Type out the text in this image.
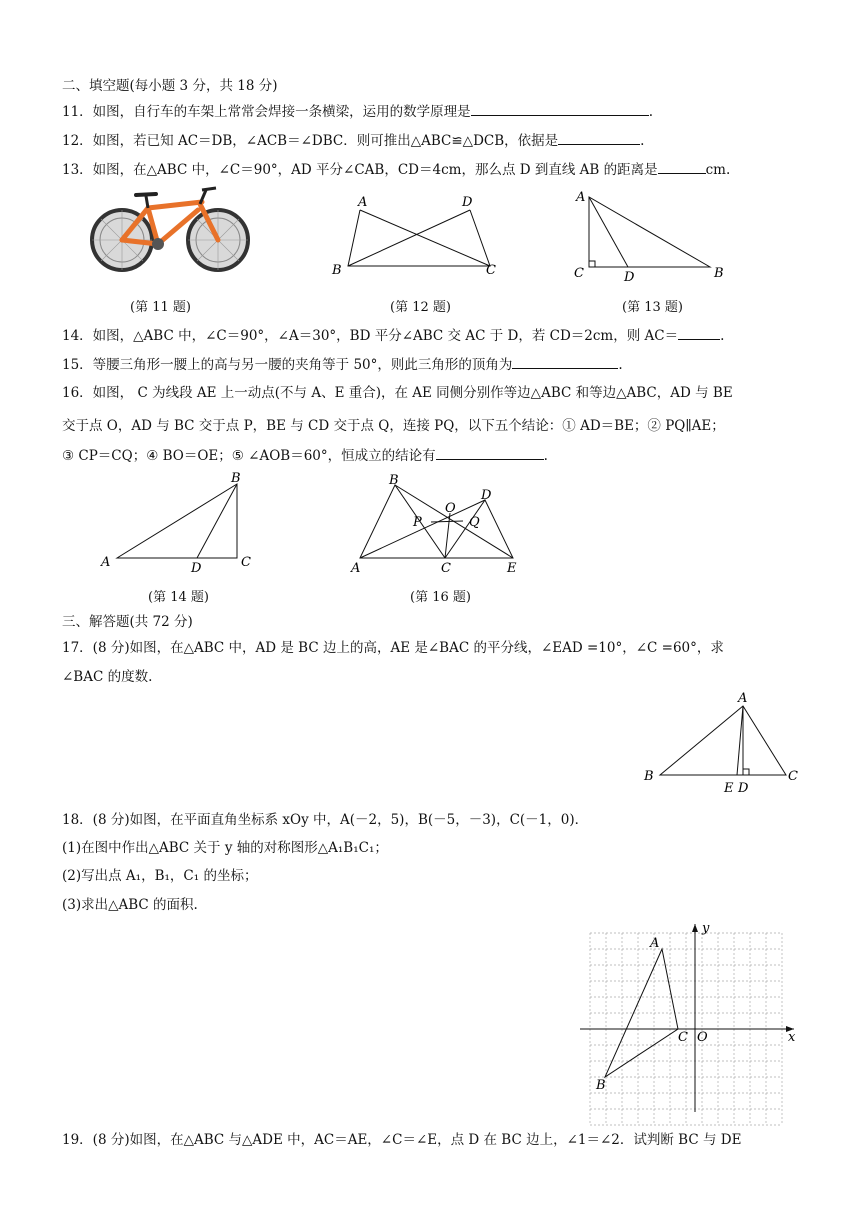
二、填空题(每小题 3 分，共 18 分)
11．如图，自行车的车架上常常会焊接一条横梁，运用的数学原理是	.
12．如图，若已知 AC＝DB，∠ACB＝∠DBC．则可推出△ABC≌△DCB，依据是	.
13．如图，在△ABC 中，∠C＝90°，AD 平分∠CAB，CD＝4cm，那么点 D 到直线 AB 的距离是	cm.
A	D
B	C
A
C	D	B
(第 11 题)	(第 12 题)	(第 13 题)
14．如图，△ABC 中，∠C＝90°，∠A＝30°，BD 平分∠ABC 交 AC 于 D，若 CD＝2cm，则 AC＝	.
15．等腰三角形一腰上的高与另一腰的夹角等于 50°，则此三角形的顶角为	.
16．如图， C 为线段 AE 上一动点(不与 A、E 重合)，在 AE 同侧分别作等边△ABC 和等边△ABC，AD 与 BE
交于点 O，AD 与 BC 交于点 P，BE 与 CD 交于点 Q，连接 PQ，以下五个结论：① AD＝BE；② PQ∥AE；
③ CP＝CQ；④ BO＝OE；⑤ ∠AOB＝60°，恒成立的结论有	.
B
A	D	C
B
O
D
P	Q
A	C	E
(第 14 题)	(第 16 题)
三、解答题(共 72 分)
17．(8 分)如图，在△ABC 中，AD 是 BC 边上的高，AE 是∠BAC 的平分线，∠EAD =10°，∠C =60°，求
∠BAC 的度数.
A
B
E D
C
18．(8 分)如图，在平面直角坐标系 xOy 中，A(－2，5)，B(－5，－3)，C(－1，0)．
(1)在图中作出△ABC 关于 y 轴的对称图形△A₁B₁C₁；
(2)写出点 A₁，B₁，C₁ 的坐标；
(3)求出△ABC 的面积.
y
A
C O	x
B
19．(8 分)如图，在△ABC 与△ADE 中，AC＝AE，∠C＝∠E，点 D 在 BC 边上，∠1＝∠2．试判断 BC 与 DE
